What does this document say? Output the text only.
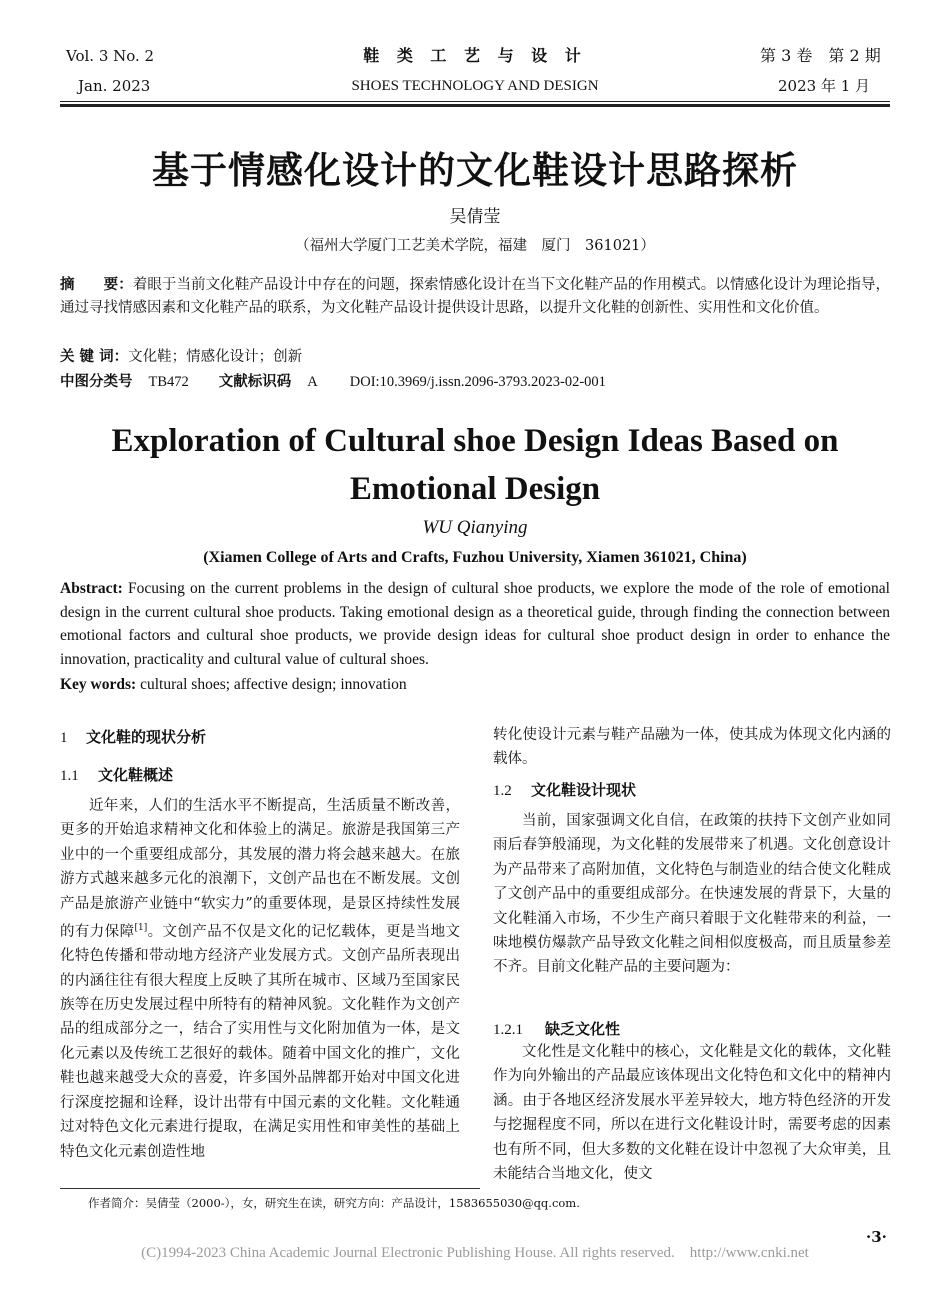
Vol. 3 No. 2
Jan. 2023
鞋 类 工 艺 与 设 计
SHOES TECHNOLOGY AND DESIGN
第 3 卷　第 2 期
2023 年 1 月
基于情感化设计的文化鞋设计思路探析
吴倩莹
（福州大学厦门工艺美术学院，福建　厦门　361021）
摘　　要：着眼于当前文化鞋产品设计中存在的问题，探索情感化设计在当下文化鞋产品的作用模式。以情感化设计为理论指导，通过寻找情感因素和文化鞋产品的联系，为文化鞋产品设计提供设计思路，以提升文化鞋的创新性、实用性和文化价值。
关 键 词：文化鞋；情感化设计；创新
中图分类号 TB472 文献标识码 A DOI:10.3969/j.issn.2096-3793.2023-02-001
Exploration of Cultural shoe Design Ideas Based on Emotional Design
WU Qianying
(Xiamen College of Arts and Crafts, Fuzhou University, Xiamen 361021, China)
Abstract: Focusing on the current problems in the design of cultural shoe products, we explore the mode of the role of emotional design in the current cultural shoe products. Taking emotional design as a theoretical guide, through finding the connection between emotional factors and cultural shoe products, we provide design ideas for cultural shoe product design in order to enhance the innovation, practicality and cultural value of cultural shoes.
Key words: cultural shoes; affective design; innovation
1 文化鞋的现状分析
1.1 文化鞋概述

近年来，人们的生活水平不断提高，生活质量不断改善，更多的开始追求精神文化和体验上的满足。旅游是我国第三产业中的一个重要组成部分，其发展的潜力将会越来越大。在旅游方式越来越多元化的浪潮下，文创产品也在不断发展。文创产品是旅游产业链中“软实力”的重要体现，是景区持续性发展的有力保障[1]。文创产品不仅是文化的记忆载体，更是当地文化特色传播和带动地方经济产业发展方式。文创产品所表现出的内涵往往有很大程度上反映了其所在城市、区域乃至国家民族等在历史发展过程中所特有的精神风貌。文化鞋作为文创产品的组成部分之一，结合了实用性与文化附加值为一体，是文化元素以及传统工艺很好的载体。随着中国文化的推广，文化鞋也越来越受大众的喜爱，许多国外品牌都开始对中国文化进行深度挖掘和诠释，设计出带有中国元素的文化鞋。文化鞋通过对特色文化元素进行提取，在满足实用性和审美性的基础上特色文化元素创造性地

转化使设计元素与鞋产品融为一体，使其成为体现文化内涵的载体。
1.2 文化鞋设计现状

当前，国家强调文化自信，在政策的扶持下文创产业如同雨后春笋般涌现，为文化鞋的发展带来了机遇。文化创意设计为产品带来了高附加值，文化特色与制造业的结合使文化鞋成了文创产品中的重要组成部分。在快速发展的背景下，大量的文化鞋涌入市场，不少生产商只着眼于文化鞋带来的利益，一味地模仿爆款产品导致文化鞋之间相似度极高，而且质量参差不齐。目前文化鞋产品的主要问题为：

1.2.1 缺乏文化性

文化性是文化鞋中的核心，文化鞋是文化的载体，文化鞋作为向外输出的产品最应该体现出文化特色和文化中的精神内涵。由于各地区经济发展水平差异较大，地方特色经济的开发与挖掘程度不同，所以在进行文化鞋设计时，需要考虑的因素也有所不同，但大多数的文化鞋在设计中忽视了大众审美，且未能结合当地文化，使文

作者简介：吴倩莹（2000-），女，研究生在读，研究方向：产品设计，1583655030@qq.com.
·3·
(C)1994-2023 China Academic Journal Electronic Publishing House. All rights reserved.　http://www.cnki.net
